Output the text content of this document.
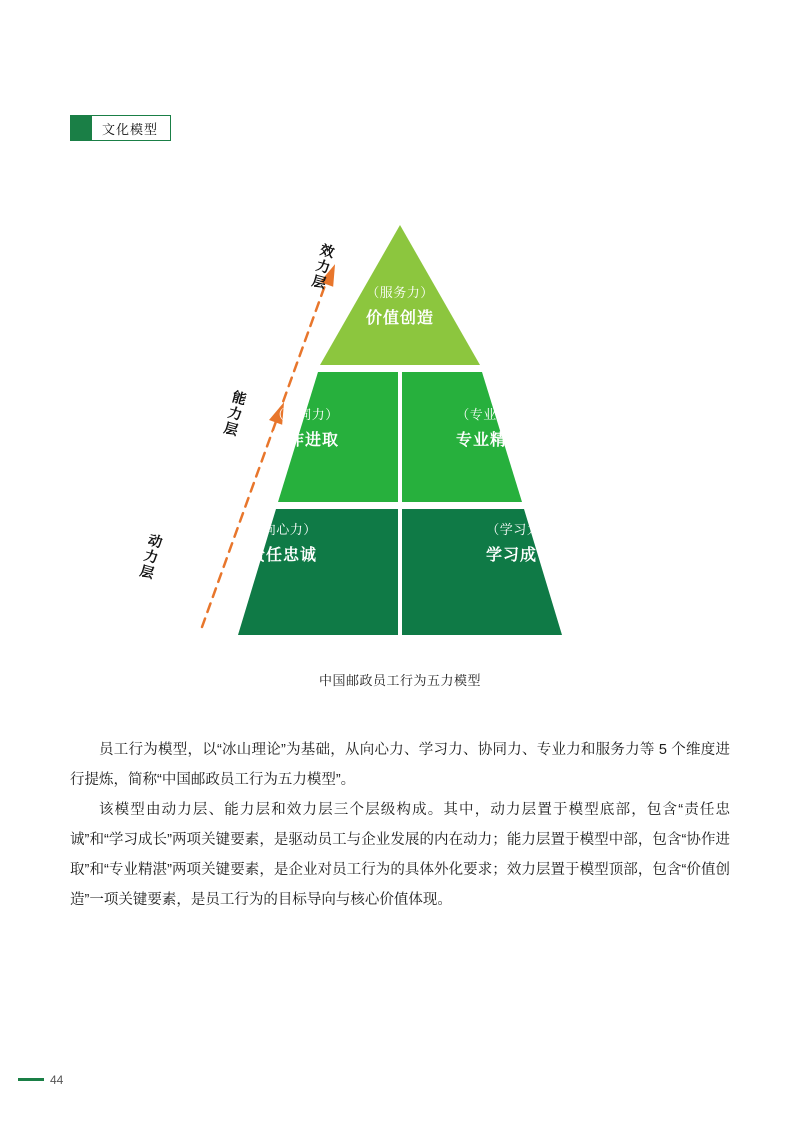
文化模型
效力层
能力层
动力层
（服务力）
价值创造
（协同力）
协作进取
（专业力）
专业精湛
（向心力）
责任忠诚
（学习力）
学习成长
中国邮政员工行为五力模型

员工行为模型，以“冰山理论”为基础，从向心力、学习力、协同力、专业力和服务力等 5 个维度进行提炼，简称“中国邮政员工行为五力模型”。

该模型由动力层、能力层和效力层三个层级构成。其中，动力层置于模型底部，包含“责任忠诚”和“学习成长”两项关键要素，是驱动员工与企业发展的内在动力；能力层置于模型中部，包含“协作进取”和“专业精湛”两项关键要素，是企业对员工行为的具体外化要求；效力层置于模型顶部，包含“价值创造”一项关键要素，是员工行为的目标导向与核心价值体现。

44
